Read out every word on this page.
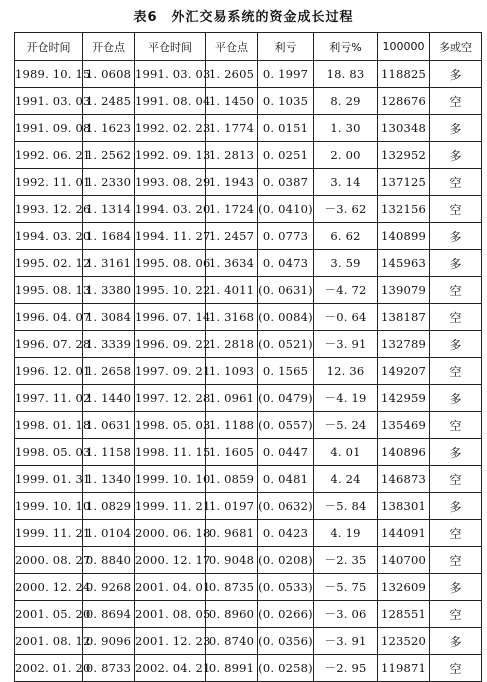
表6　外汇交易系统的资金成长过程
开仓时间	开仓点	平仓时间	平仓点	利亏	利亏%	100000	多或空
1989. 10. 15	1. 0608	1991. 03. 03	1. 2605	0. 1997	18. 83	118825	多
1991. 03. 03	1. 2485	1991. 08. 04	1. 1450	0. 1035	8. 29	128676	空
1991. 09. 08	1. 1623	1992. 02. 23	1. 1774	0. 0151	1. 30	130348	多
1992. 06. 21	1. 2562	1992. 09. 13	1. 2813	0. 0251	2. 00	132952	多
1992. 11. 01	1. 2330	1993. 08. 29	1. 1943	0. 0387	3. 14	137125	空
1993. 12. 26	1. 1314	1994. 03. 20	1. 1724	(0. 0410)	－3. 62	132156	空
1994. 03. 20	1. 1684	1994. 11. 27	1. 2457	0. 0773	6. 62	140899	多
1995. 02. 12	1. 3161	1995. 08. 06	1. 3634	0. 0473	3. 59	145963	多
1995. 08. 13	1. 3380	1995. 10. 22	1. 4011	(0. 0631)	－4. 72	139079	空
1996. 04. 07	1. 3084	1996. 07. 14	1. 3168	(0. 0084)	－0. 64	138187	空
1996. 07. 28	1. 3339	1996. 09. 22	1. 2818	(0. 0521)	－3. 91	132789	多
1996. 12. 01	1. 2658	1997. 09. 21	1. 1093	0. 1565	12. 36	149207	空
1997. 11. 02	1. 1440	1997. 12. 28	1. 0961	(0. 0479)	－4. 19	142959	多
1998. 01. 18	1. 0631	1998. 05. 03	1. 1188	(0. 0557)	－5. 24	135469	空
1998. 05. 03	1. 1158	1998. 11. 15	1. 1605	0. 0447	4. 01	140896	多
1999. 01. 31	1. 1340	1999. 10. 10	1. 0859	0. 0481	4. 24	146873	空
1999. 10. 10	1. 0829	1999. 11. 21	1. 0197	(0. 0632)	－5. 84	138301	多
1999. 11. 21	1. 0104	2000. 06. 18	0. 9681	0. 0423	4. 19	144091	空
2000. 08. 27	0. 8840	2000. 12. 17	0. 9048	(0. 0208)	－2. 35	140700	空
2000. 12. 24	0. 9268	2001. 04. 01	0. 8735	(0. 0533)	－5. 75	132609	多
2001. 05. 20	0. 8694	2001. 08. 05	0. 8960	(0. 0266)	－3. 06	128551	空
2001. 08. 12	0. 9096	2001. 12. 23	0. 8740	(0. 0356)	－3. 91	123520	多
2002. 01. 20	0. 8733	2002. 04. 21	0. 8991	(0. 0258)	－2. 95	119871	空
